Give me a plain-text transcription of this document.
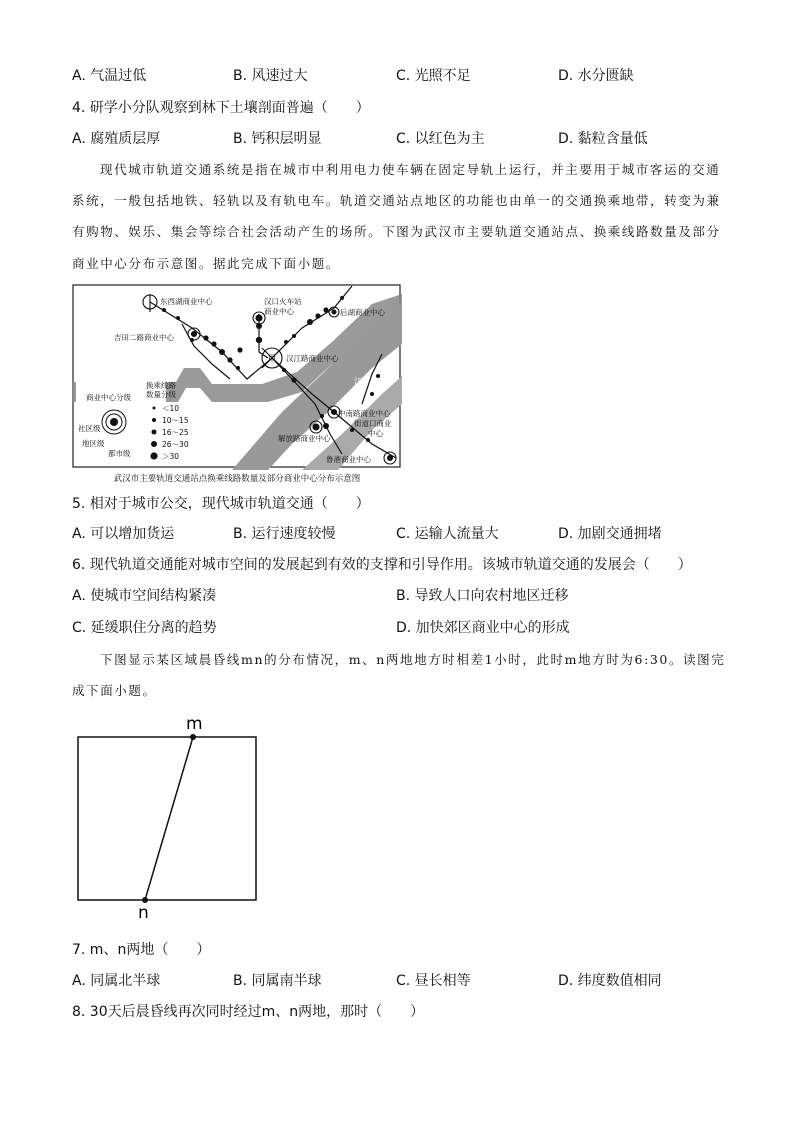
A. 气温过低	B. 风速过大	C. 光照不足	D. 水分匮缺
4. 研学小分队观察到林下土壤剖面普遍（　　）
A. 腐殖质层厚	B. 钙积层明显	C. 以红色为主	D. 黏粒含量低
现代城市轨道交通系统是指在城市中利用电力使车辆在固定导轨上运行，并主要用于城市客运的交通
系统，一般包括地铁、轻轨以及有轨电车。轨道交通站点地区的功能也由单一的交通换乘地带，转变为兼
有购物、娱乐、集会等综合社会活动产生的场所。下图为武汉市主要轨道交通站点、换乘线路数量及部分
商业中心分布示意图。据此完成下面小题。
江
江
甲
东西湖商业中心	汉口火车站
商业中心	后湖商业中心
吉田二路商业中心
汉江路商业中心
中南路商业中心
街道口商业
中心
解放路商业中心
鲁港商业中心
商业中心分级
换乘线路
数量分级
社区级
地区级
都市级
＜10
10～15
16～25
26～30
＞30
武汉市主要轨道交通站点换乘线路数量及部分商业中心分布示意图
5. 相对于城市公交，现代城市轨道交通（　　）
A. 可以增加货运	B. 运行速度较慢	C. 运输人流量大	D. 加剧交通拥堵
6. 现代轨道交通能对城市空间的发展起到有效的支撑和引导作用。该城市轨道交通的发展会（　　）
A. 使城市空间结构紧凑	B. 导致人口向农村地区迁移
C. 延缓职住分离的趋势	D. 加快郊区商业中心的形成
下图显示某区域晨昏线mn的分布情况，m、n两地地方时相差1小时，此时m地方时为6:30。读图完
成下面小题。
m
n
7. m、n两地（　　）
A. 同属北半球	B. 同属南半球	C. 昼长相等	D. 纬度数值相同
8. 30天后晨昏线再次同时经过m、n两地，那时（　　）
